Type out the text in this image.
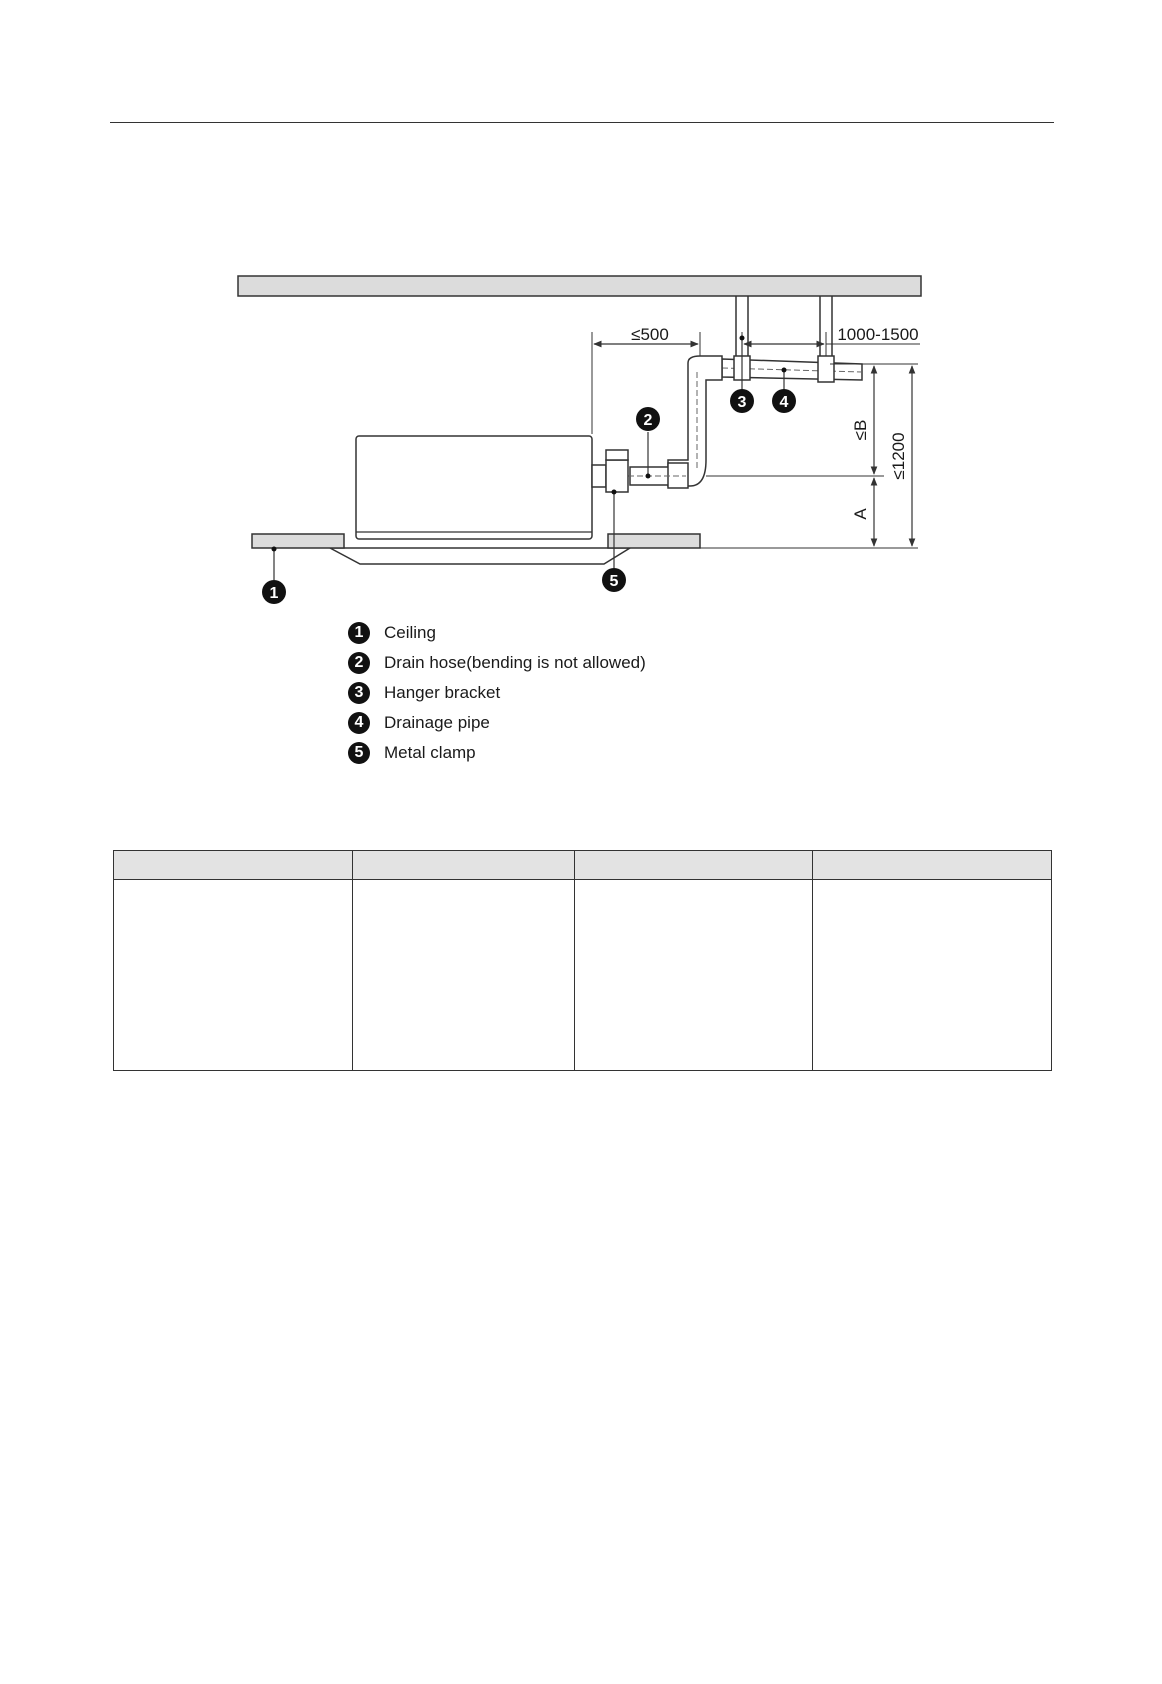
≤500	1000-1500
≤B
A
≤1200
1
2
3 4
5
1	Ceiling
2	Drain hose(bending is not allowed)
3	Hanger bracket
4	Drainage pipe
5	Metal clamp
